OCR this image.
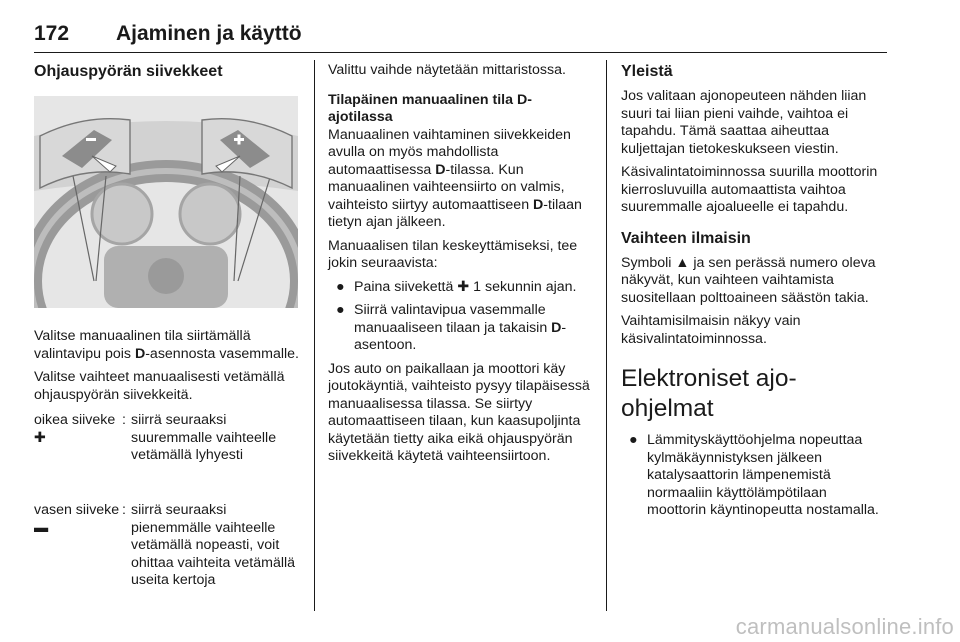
172 Ajaminen ja käyttö
Ohjauspyörän siivekkeet

Valitse manuaalinen tila siirtämällä valintavipu pois D-asennosta vasemmalle.

Valitse vaihteet manuaalisesti vetämällä ohjauspyörän siivekkeitä.

oikea siiveke ✚
: siirrä seuraaksi suuremmalle vaihteelle vetämällä lyhyesti
vasen siiveke ▬
: siirrä seuraaksi pienemmälle vaihteelle vetämällä nopeasti, voit ohittaa vaihteita vetämällä useita kertoja

Valittu vaihde näytetään mittaristossa.

Tilapäinen manuaalinen tila D-ajotilassa

Manuaalinen vaihtaminen siivekkeiden avulla on myös mahdollista automaattisessa D-tilassa. Kun manuaalinen vaihteensiirto on valmis, vaihteisto siirtyy automaattiseen D-tilaan tietyn ajan jälkeen.

Manuaalisen tilan keskeyttämiseksi, tee jokin seuraavista:

● Paina siivekettä ✚ 1 sekunnin ajan.
● Siirrä valintavipua vasemmalle manuaaliseen tilaan ja takaisin D-asentoon.

Jos auto on paikallaan ja moottori käy joutokäyntiä, vaihteisto pysyy tilapäisessä manuaalisessa tilassa. Se siirtyy automaattiseen tilaan, kun kaasupoljinta käytetään tietty aika eikä ohjauspyörän siivekkeitä käytetä vaihteensiirtoon.

Yleistä

Jos valitaan ajonopeuteen nähden liian suuri tai liian pieni vaihde, vaihtoa ei tapahdu. Tämä saattaa aiheuttaa kuljettajan tietokeskukseen viestin.

Käsivalintatoiminnossa suurilla moottorin kierrosluvuilla automaattista vaihtoa suuremmalle ajoalueelle ei tapahdu.

Vaihteen ilmaisin

Symboli ▲ ja sen perässä numero oleva näkyvät, kun vaihteen vaihtamista suositellaan polttoaineen säästön takia.

Vaihtamisilmaisin näkyy vain käsivalintatoiminnossa.

Elektroniset ajo-ohjelmat
● Lämmityskäyttöohjelma nopeuttaa kylmäkäynnistyksen jälkeen katalysaattorin lämpenemistä normaaliin käyttölämpötilaan moottorin käyntinopeutta nostamalla.
carmanualsonline.info
